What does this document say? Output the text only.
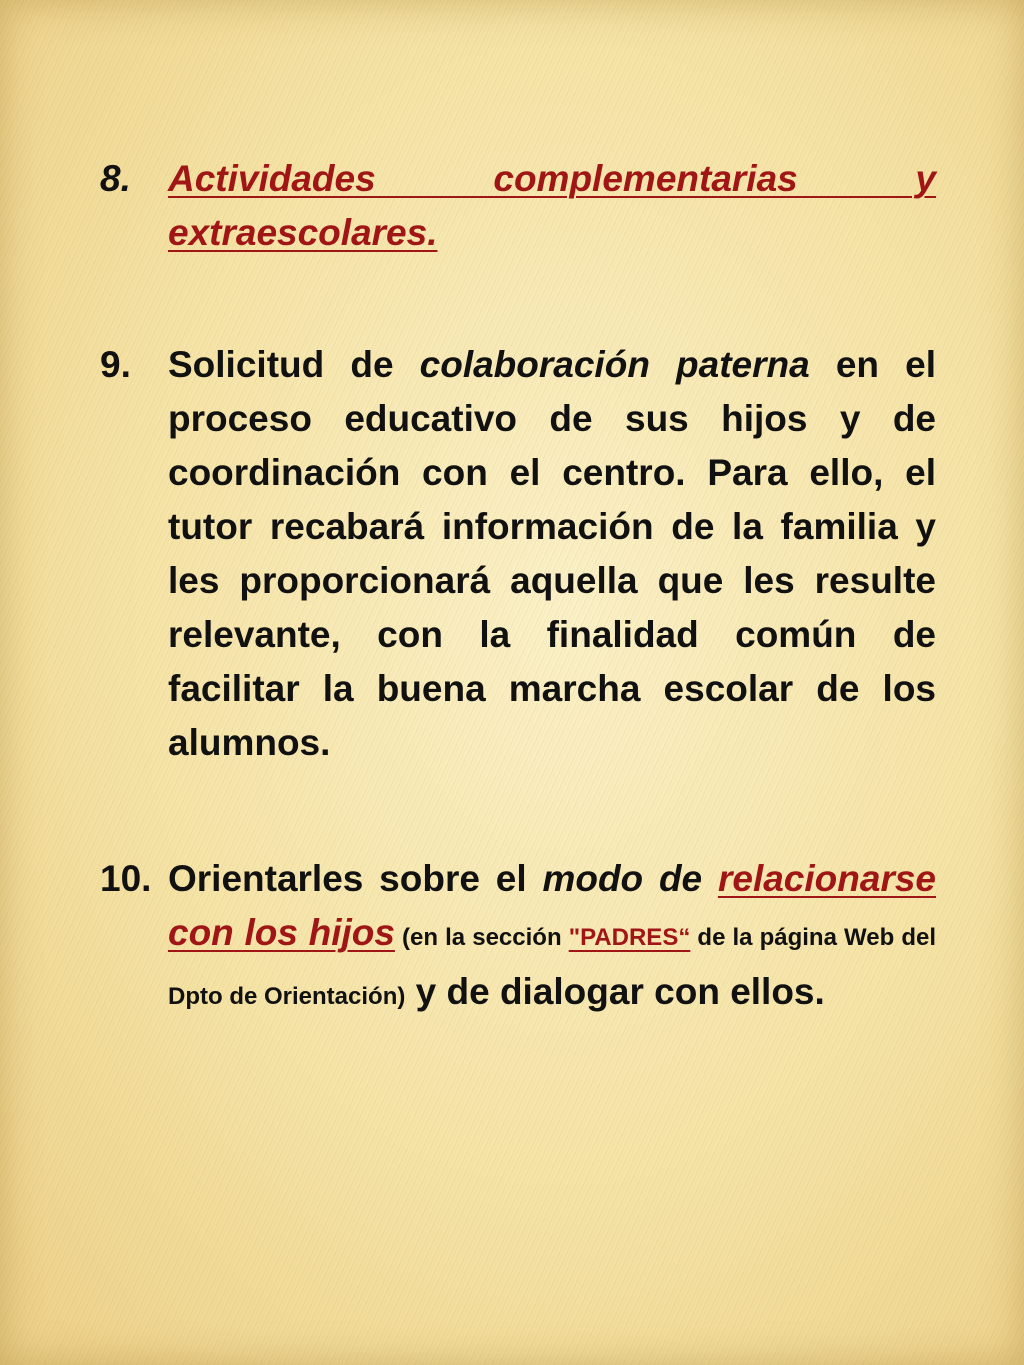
8. Actividades complementarias y extraescolares.
9. Solicitud de colaboración paterna en el proceso educativo de sus hijos y de coordinación con el centro. Para ello, el tutor recabará información de la familia y les proporcionará aquella que les resulte relevante, con la finalidad común de facilitar la buena marcha escolar de los alumnos.
10. Orientarles sobre el modo de relacionarse con los hijos (en la sección "PADRES“ de la página Web del Dpto de Orientación) y de dialogar con ellos.
